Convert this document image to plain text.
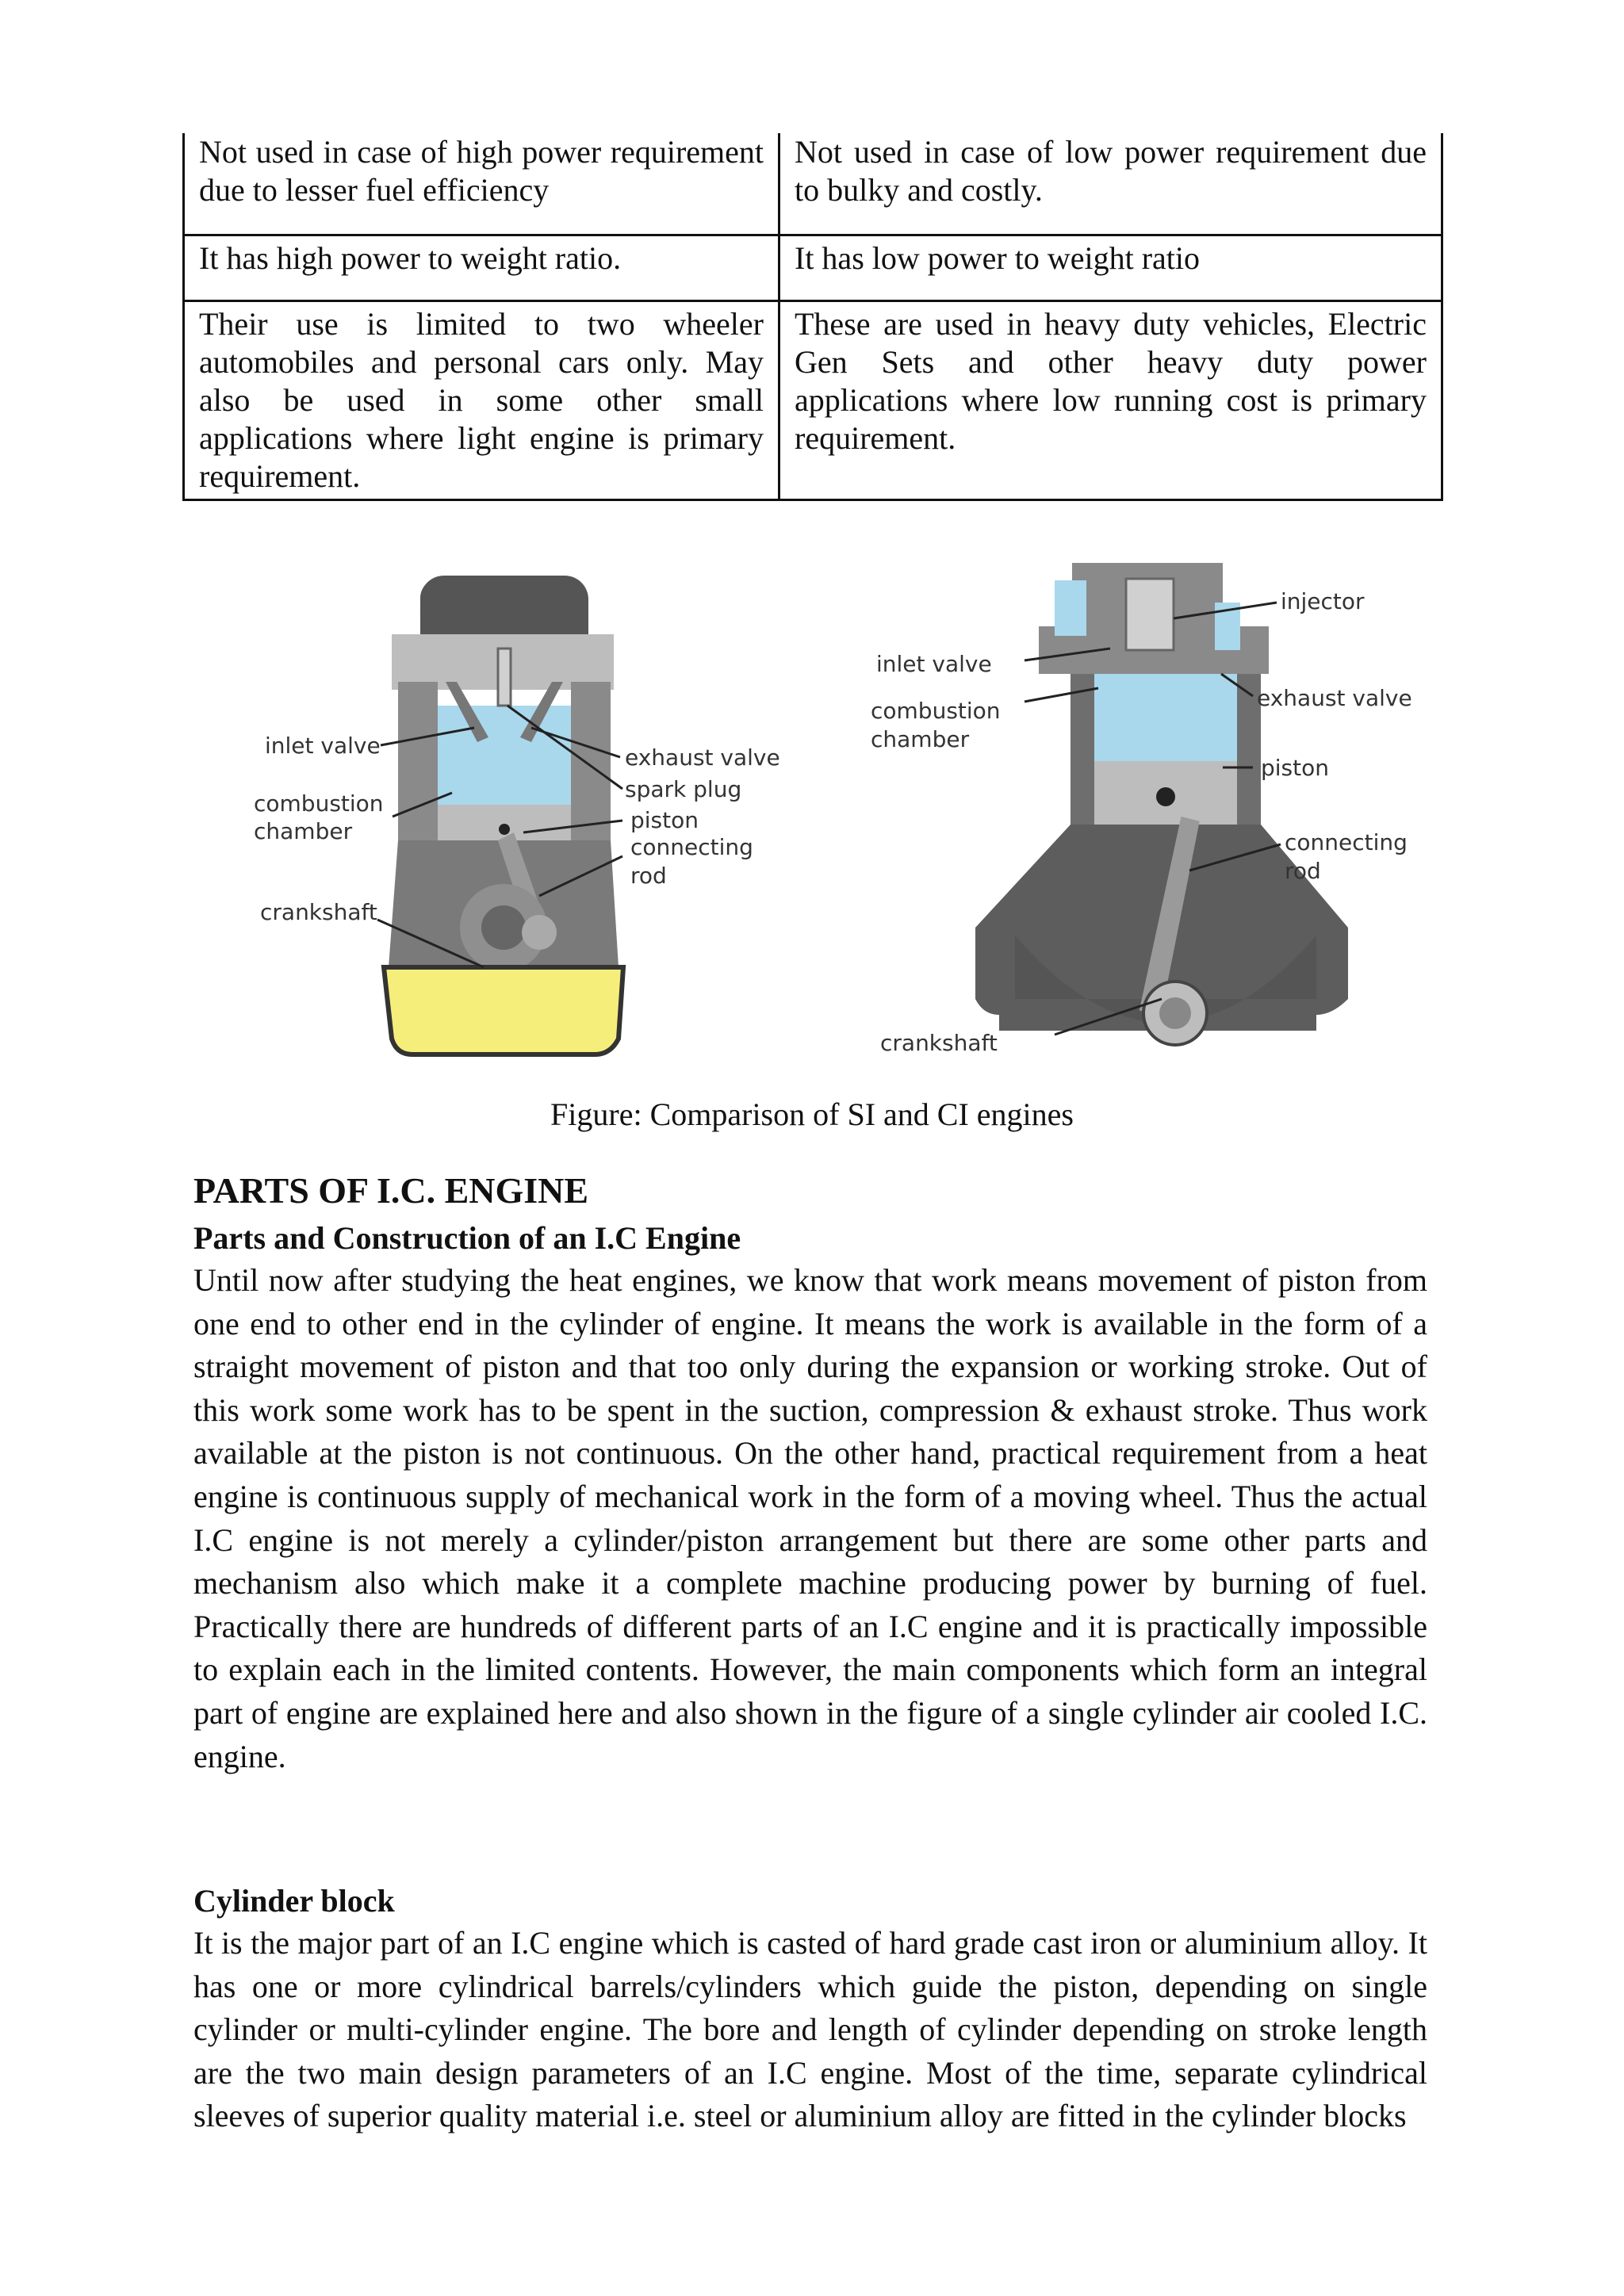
Not used in case of high power requirement due to lesser fuel efficiency	Not used in case of low power requirement due to bulky and costly.
It has high power to weight ratio.	It has low power to weight ratio
Their use is limited to two wheeler automobiles and personal cars only. May also be used in some other small applications where light engine is primary requirement.	These are used in heavy duty vehicles, Electric Gen Sets and other heavy duty power applications where low running cost is primary requirement.
inlet valve
combustion
chamber
crankshaft
exhaust valve
spark plug
piston
connecting
rod
injector
inlet valve
combustion
chamber
exhaust valve
piston
connecting
rod
crankshaft
Figure: Comparison of SI and CI engines
PARTS OF I.C. ENGINE
Parts and Construction of an I.C Engine

Until now after studying the heat engines, we know that work means movement of piston from one end to other end in the cylinder of engine. It means the work is available in the form of a straight movement of piston and that too only during the expansion or working stroke. Out of this work some work has to be spent in the suction, compression & exhaust stroke. Thus work available at the piston is not continuous. On the other hand, practical requirement from a heat engine is continuous supply of mechanical work in the form of a moving wheel. Thus the actual I.C engine is not merely a cylinder/piston arrangement but there are some other parts and mechanism also which make it a complete machine producing power by burning of fuel. Practically there are hundreds of different parts of an I.C engine and it is practically impossible to explain each in the limited contents. However, the main components which form an integral part of engine are explained here and also shown in the figure of a single cylinder air cooled I.C. engine.

Cylinder block

It is the major part of an I.C engine which is casted of hard grade cast iron or aluminium alloy. It has one or more cylindrical barrels/cylinders which guide the piston, depending on single cylinder or multi-cylinder engine. The bore and length of cylinder depending on stroke length are the two main design parameters of an I.C engine. Most of the time, separate cylindrical sleeves of superior quality material i.e. steel or aluminium alloy are fitted in the cylinder blocks
